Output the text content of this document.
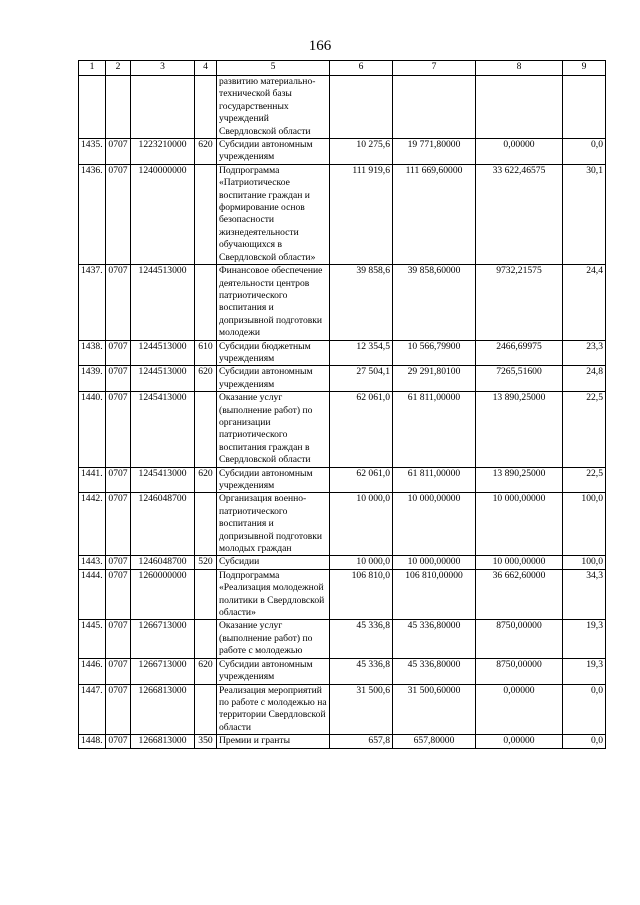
166
1	2	3	4	5	6	7	8	9
				развитию материально-технической базы государственных учреждений Свердловской области				
1435.	0707	1223210000	620	Субсидии автономным учреждениям	10 275,6	19 771,80000	0,00000	0,0
1436.	0707	1240000000		Подпрограмма «Патриотическое воспитание граждан и формирование основ безопасности жизнедеятельности обучающихся в Свердловской области»	111 919,6	111 669,60000	33 622,46575	30,1
1437.	0707	1244513000		Финансовое обеспечение деятельности центров патриотического воспитания и допризывной подготовки молодежи	39 858,6	39 858,60000	9732,21575	24,4
1438.	0707	1244513000	610	Субсидии бюджетным учреждениям	12 354,5	10 566,79900	2466,69975	23,3
1439.	0707	1244513000	620	Субсидии автономным учреждениям	27 504,1	29 291,80100	7265,51600	24,8
1440.	0707	1245413000		Оказание услуг (выполнение работ) по организации патриотического воспитания граждан в Свердловской области	62 061,0	61 811,00000	13 890,25000	22,5
1441.	0707	1245413000	620	Субсидии автономным учреждениям	62 061,0	61 811,00000	13 890,25000	22,5
1442.	0707	1246048700		Организация военно-патриотического воспитания и допризывной подготовки молодых граждан	10 000,0	10 000,00000	10 000,00000	100,0
1443.	0707	1246048700	520	Субсидии	10 000,0	10 000,00000	10 000,00000	100,0
1444.	0707	1260000000		Подпрограмма «Реализация молодежной политики в Свердловской области»	106 810,0	106 810,00000	36 662,60000	34,3
1445.	0707	1266713000		Оказание услуг (выполнение работ) по работе с молодежью	45 336,8	45 336,80000	8750,00000	19,3
1446.	0707	1266713000	620	Субсидии автономным учреждениям	45 336,8	45 336,80000	8750,00000	19,3
1447.	0707	1266813000		Реализация мероприятий по работе с молодежью на территории Свердловской области	31 500,6	31 500,60000	0,00000	0,0
1448.	0707	1266813000	350	Премии и гранты	657,8	657,80000	0,00000	0,0
